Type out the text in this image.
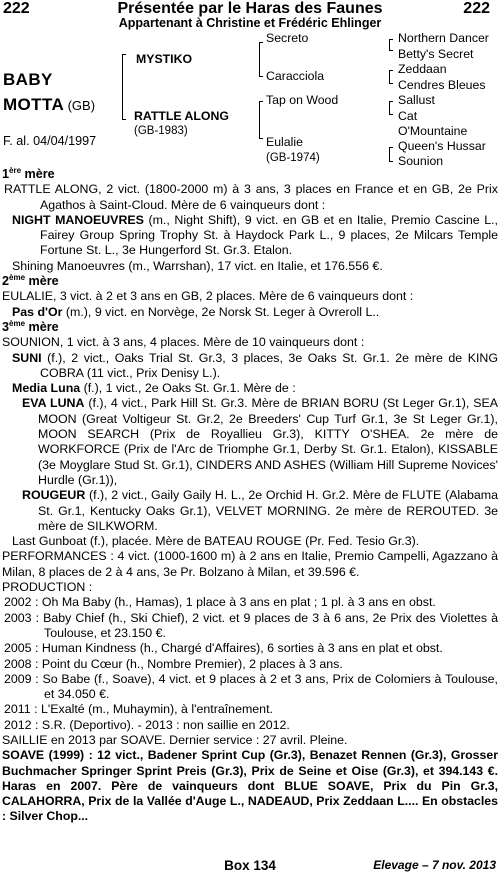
222	Présentée par le Haras des Faunes	222
Appartenant à Christine et Frédéric Ehlinger
BABY
MOTTA (GB)
F. al. 04/04/1997
MYSTIKO
RATTLE ALONG
(GB-1983)
Secreto
Caracciola
Tap on Wood
Eulalie
(GB-1974)
Northern Dancer
Betty's Secret
Zeddaan
Cendres Bleues
Sallust
Cat
O'Mountaine
Queen's Hussar
Sounion

1ère mère

RATTLE ALONG, 2 vict. (1800-2000 m) à 3 ans, 3 places en France et en GB, 2e Prix Agathos à Saint-Cloud. Mère de 6 vainqueurs dont :

NIGHT MANOEUVRES (m., Night Shift), 9 vict. en GB et en Italie, Premio Cascine L., Fairey Group Spring Trophy St. à Haydock Park L., 9 places, 2e Milcars Temple Fortune St. L., 3e Hungerford St. Gr.3. Etalon.

Shining Manoeuvres (m., Warrshan), 17 vict. en Italie, et 176.556 €.

2ème mère

EULALIE, 3 vict. à 2 et 3 ans en GB, 2 places. Mère de 6 vainqueurs dont :

Pas d'Or (m.), 9 vict. en Norvège, 2e Norsk St. Leger à Ovreroll L..

3ème mère

SOUNION, 1 vict. à 3 ans, 4 places. Mère de 10 vainqueurs dont :

SUNI (f.), 2 vict., Oaks Trial St. Gr.3, 3 places, 3e Oaks St. Gr.1. 2e mère de KING COBRA (11 vict., Prix Denisy L.).

Media Luna (f.), 1 vict., 2e Oaks St. Gr.1. Mère de :

EVA LUNA (f.), 4 vict., Park Hill St. Gr.3. Mère de BRIAN BORU (St Leger Gr.1), SEA MOON (Great Voltigeur St. Gr.2, 2e Breeders' Cup Turf Gr.1, 3e St Leger Gr.1), MOON SEARCH (Prix de Royallieu Gr.3), KITTY O'SHEA. 2e mère de WORKFORCE (Prix de l'Arc de Triomphe Gr.1, Derby St. Gr.1. Etalon), KISSABLE (3e Moyglare Stud St. Gr.1), CINDERS AND ASHES (William Hill Supreme Novices' Hurdle (Gr.1)),

ROUGEUR (f.), 2 vict., Gaily Gaily H. L., 2e Orchid H. Gr.2. Mère de FLUTE (Alabama St. Gr.1, Kentucky Oaks Gr.1), VELVET MORNING. 2e mère de REROUTED. 3e mère de SILKWORM.

Last Gunboat (f.), placée. Mère de BATEAU ROUGE (Pr. Fed. Tesio Gr.3).

PERFORMANCES : 4 vict. (1000-1600 m) à 2 ans en Italie, Premio Campelli, Agazzano à Milan, 8 places de 2 à 4 ans, 3e Pr. Bolzano à Milan, et 39.596 €.

PRODUCTION :

2002 : Oh Ma Baby (h., Hamas), 1 place à 3 ans en plat ; 1 pl. à 3 ans en obst.

2003 : Baby Chief (h., Ski Chief), 2 vict. et 9 places de 3 à 6 ans, 2e Prix des Violettes à Toulouse, et 23.150 €.

2005 : Human Kindness (h., Chargé d'Affaires), 6 sorties à 3 ans en plat et obst.

2008 : Point du Cœur (h., Nombre Premier), 2 places à 3 ans.

2009 : So Babe (f., Soave), 4 vict. et 9 places à 2 et 3 ans, Prix de Colomiers à Toulouse, et 34.050 €.

2011 : L'Exalté (m., Muhaymin), à l'entraînement.

2012 : S.R. (Deportivo). - 2013 : non saillie en 2012.

SAILLIE en 2013 par SOAVE. Dernier service : 27 avril. Pleine.

SOAVE (1999) : 12 vict., Badener Sprint Cup (Gr.3), Benazet Rennen (Gr.3), Grosser Buchmacher Springer Sprint Preis (Gr.3), Prix de Seine et Oise (Gr.3), et 394.143 €. Haras en 2007. Père de vainqueurs dont BLUE SOAVE, Prix du Pin Gr.3, CALAHORRA, Prix de la Vallée d'Auge L., NADEAUD, Prix Zeddaan L.... En obstacles : Silver Chop...

Box 134	Elevage – 7 nov. 2013
